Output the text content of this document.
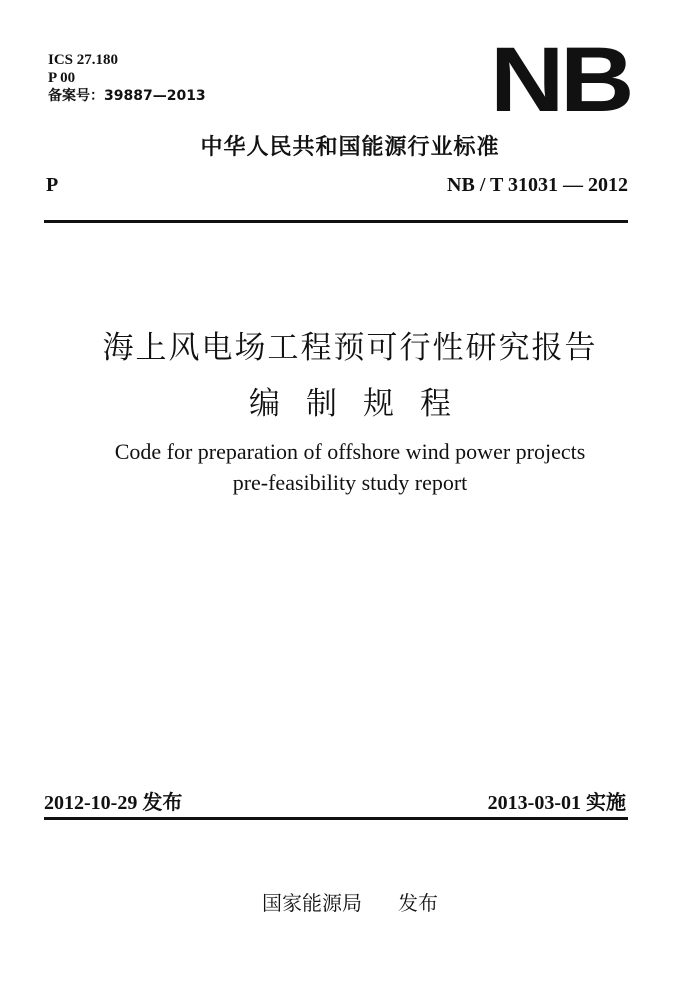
ICS 27.180
P 00
备案号：39887—2013	NB
中华人民共和国能源行业标准
P	NB / T 31031 — 2012
海上风电场工程预可行性研究报告
编制规程
Code for preparation of offshore wind power projects
pre-feasibility study report
2012-10-29 发布	2013-03-01 实施
国家能源局 发布
